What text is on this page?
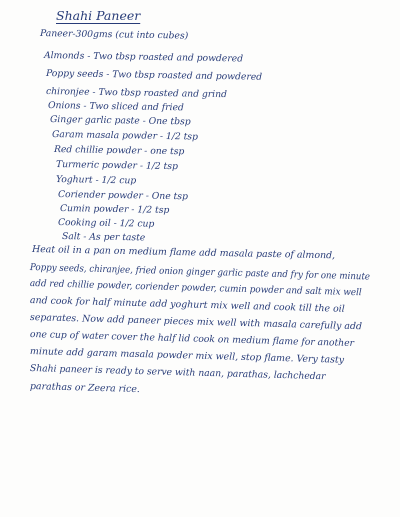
Shahi Paneer
Paneer-300gms (cut into cubes)
Almonds - Two tbsp roasted and powdered
Poppy seeds - Two tbsp roasted and powdered
chironjee - Two tbsp roasted and grind
Onions - Two sliced and fried
Ginger garlic paste - One tbsp
Garam masala powder - 1/2 tsp
Red chillie powder - one tsp
Turmeric powder - 1/2 tsp
Yoghurt - 1/2 cup
Coriender powder - One tsp
Cumin powder - 1/2 tsp
Cooking oil - 1/2 cup
Salt - As per taste
Heat oil in a pan on medium flame add masala paste of almond,
Poppy seeds, chiranjee, fried onion ginger garlic paste and fry for one minute
add red chillie powder, coriender powder, cumin powder and salt mix well
and cook for half minute add yoghurt mix well and cook till the oil
separates. Now add paneer pieces mix well with masala carefully add
one cup of water cover the half lid cook on medium flame for another
minute add garam masala powder mix well, stop flame. Very tasty
Shahi paneer is ready to serve with naan, parathas, lachchedar
parathas or Zeera rice.
